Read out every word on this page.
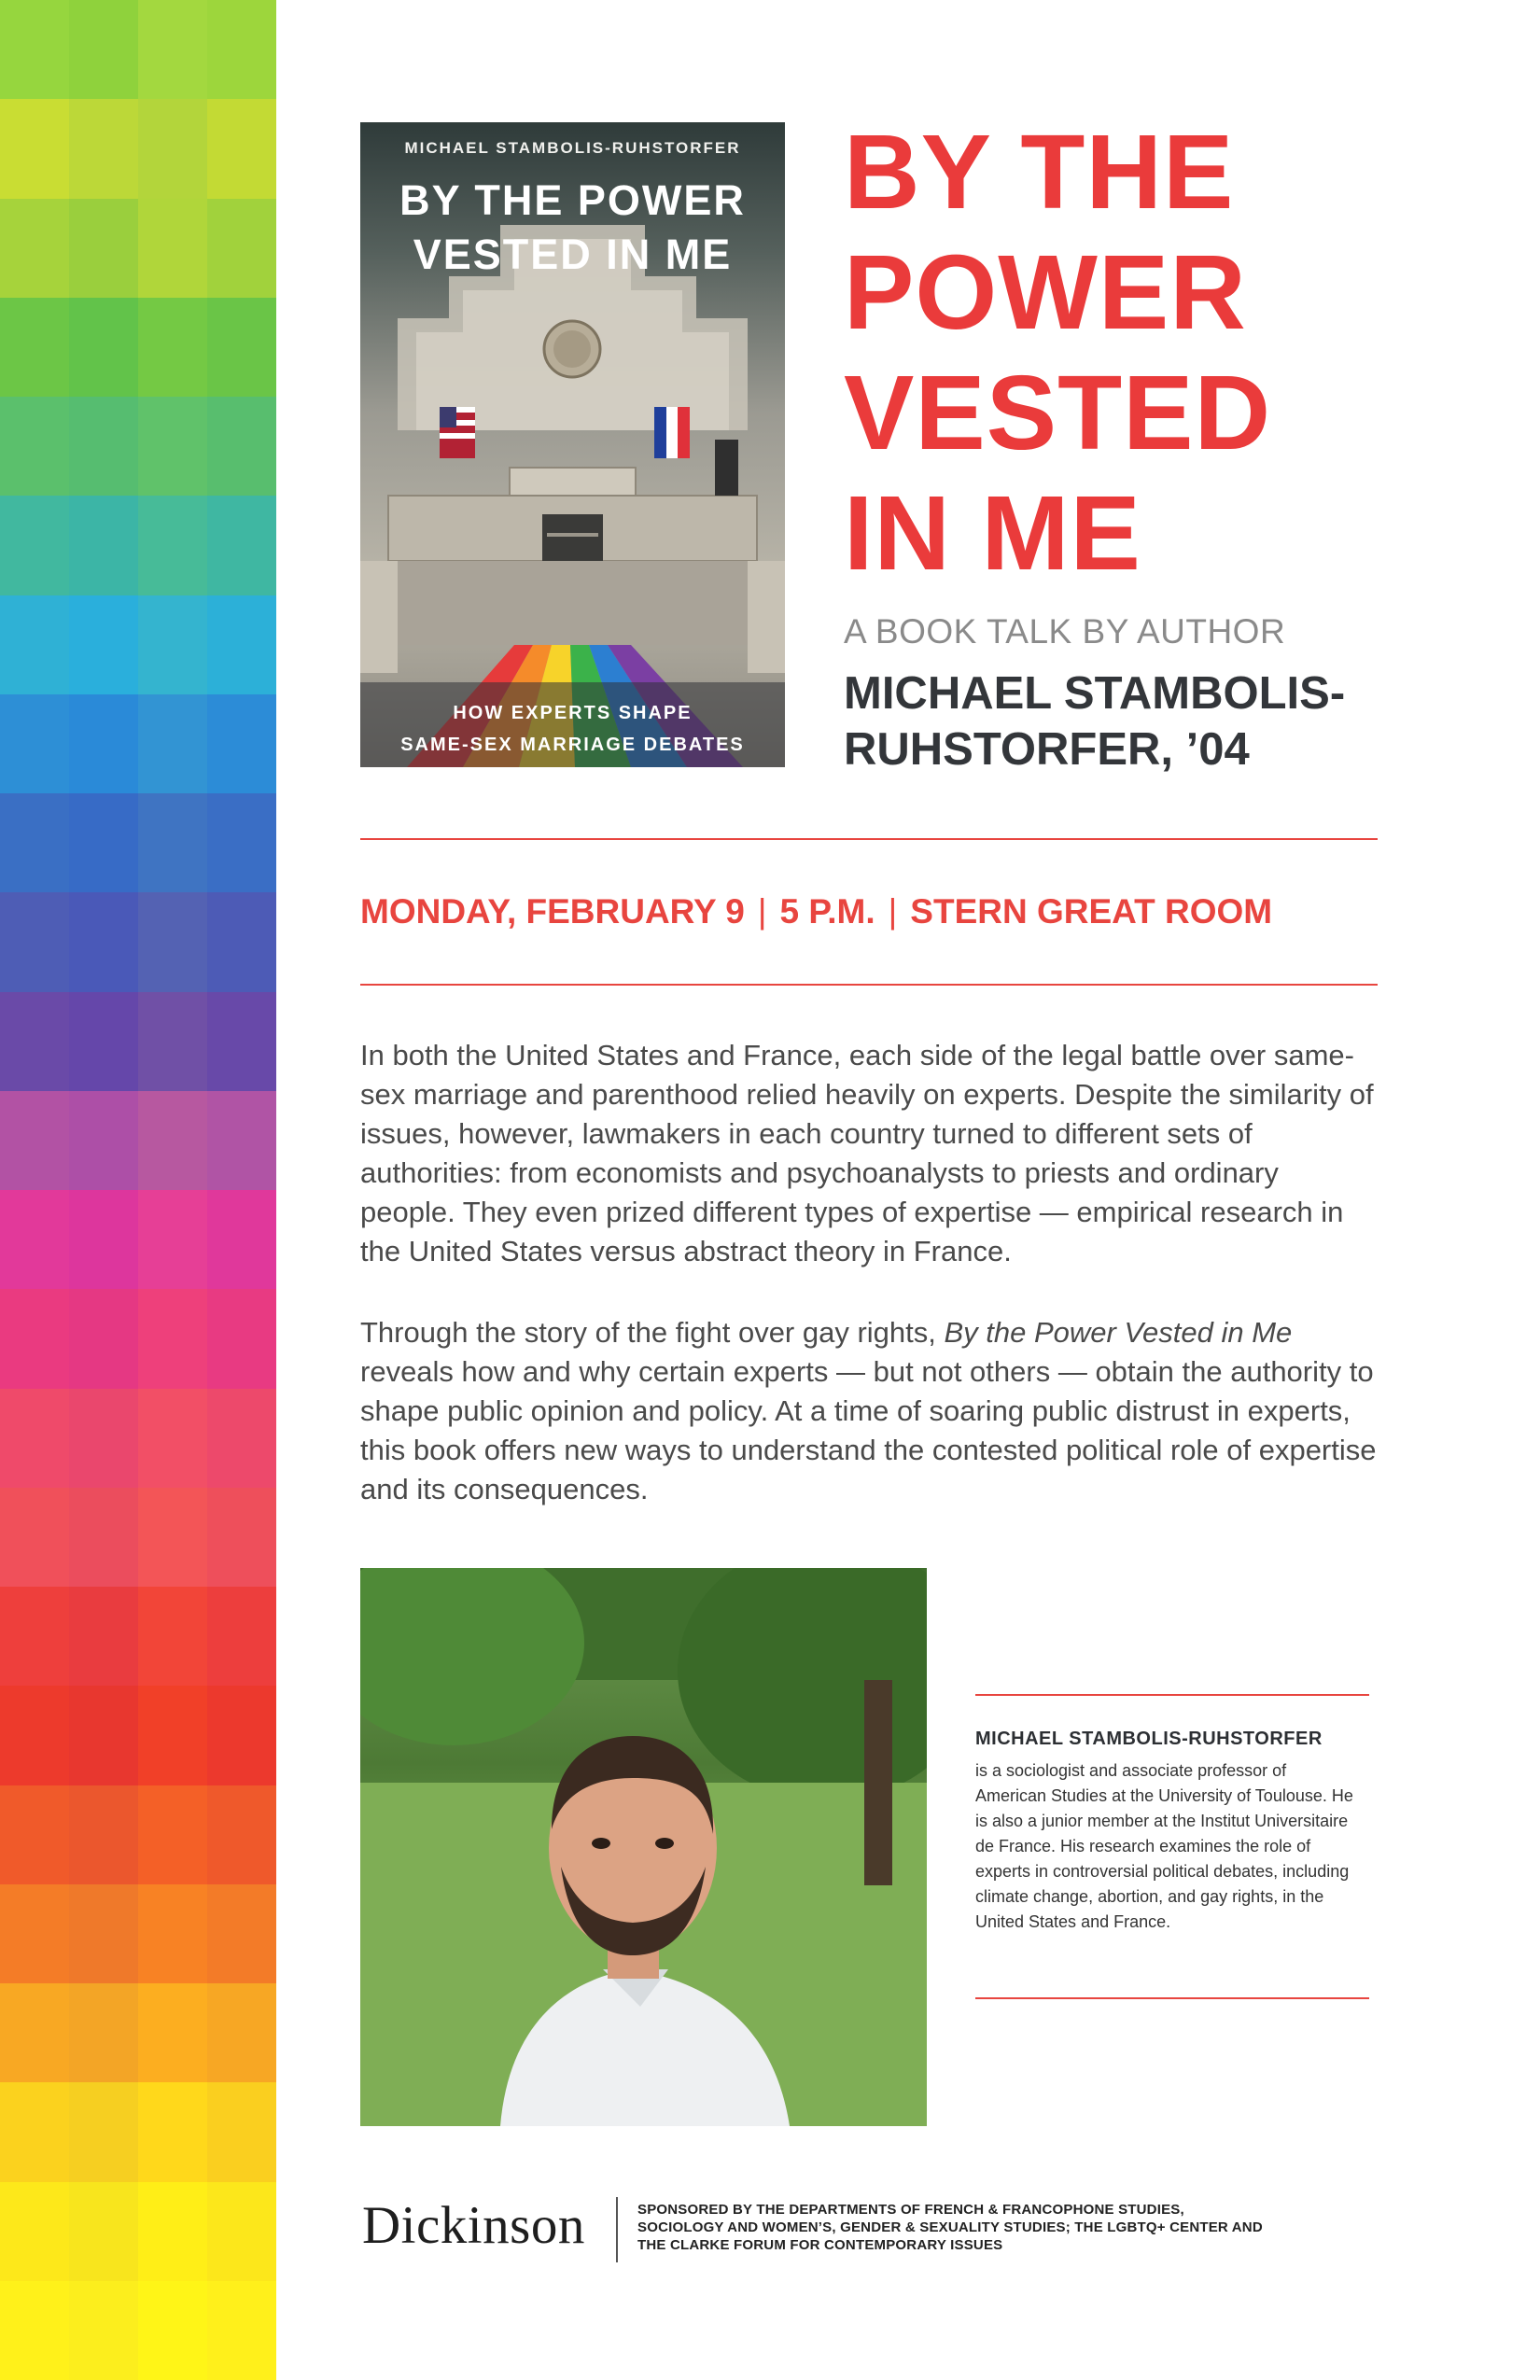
MICHAEL STAMBOLIS-RUHSTORFER
BY THE POWER
VESTED IN ME
HOW EXPERTS SHAPE
SAME-SEX MARRIAGE DEBATES
BY THE
POWER
VESTED
IN ME
A BOOK TALK BY AUTHOR
MICHAEL STAMBOLIS-
RUHSTORFER, ’04
MONDAY, FEBRUARY 9 | 5 P.M. | STERN GREAT ROOM

In both the United States and France, each side of the legal battle over same-sex marriage and parenthood relied heavily on experts. Despite the similarity of issues, however, lawmakers in each country turned to different sets of authorities: from economists and psychoanalysts to priests and ordinary people. They even prized different types of expertise — empirical research in the United States versus abstract theory in France.

Through the story of the fight over gay rights, By the Power Vested in Me reveals how and why certain experts — but not others — obtain the authority to shape public opinion and policy. At a time of soaring public distrust in experts, this book offers new ways to understand the contested political role of expertise and its consequences.

MICHAEL STAMBOLIS-RUHSTORFER
is a sociologist and associate professor of American Studies at the University of Toulouse. He is also a junior member at the Institut Universitaire de France. His research examines the role of experts in controversial political debates, including climate change, abortion, and gay rights, in the United States and France.
Dickinson	SPONSORED BY THE DEPARTMENTS OF FRENCH & FRANCOPHONE STUDIES, SOCIOLOGY AND WOMEN’S, GENDER & SEXUALITY STUDIES; THE LGBTQ+ CENTER AND THE CLARKE FORUM FOR CONTEMPORARY ISSUES
